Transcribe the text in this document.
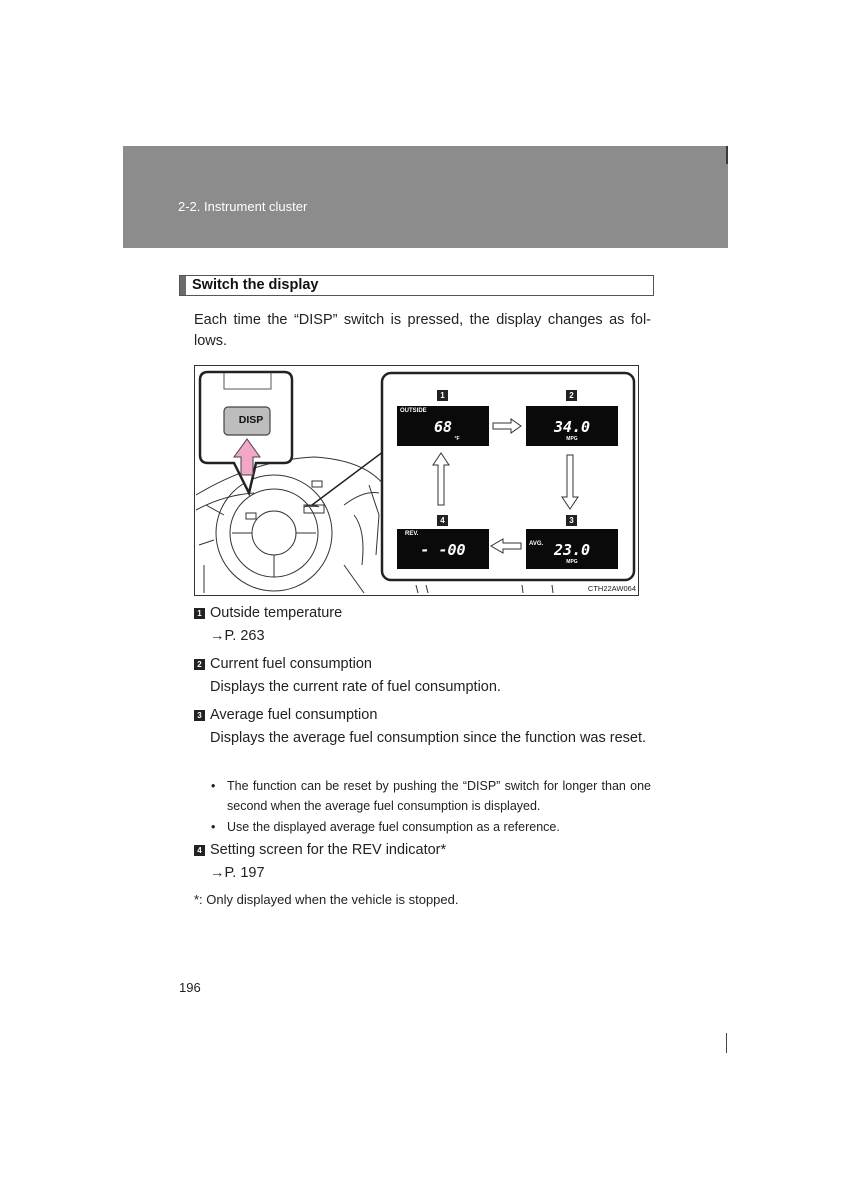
2-2. Instrument cluster
Switch the display
Each time the “DISP” switch is pressed, the display changes as fol-lows.
DISP
1	2
3
4
OUTSIDE
68
°F
34.0
MPG
AVG. 23.0
MPG
REV.
- -00
CTH22AW064
1 Outside temperature
→P. 263
2 Current fuel consumption
Displays the current rate of fuel consumption.
3 Average fuel consumption
Displays the average fuel consumption since the function was reset.
• The function can be reset by pushing the “DISP” switch for longer than one second when the average fuel consumption is displayed.
• Use the displayed average fuel consumption as a reference.
4 Setting screen for the REV indicator*
→P. 197
*: Only displayed when the vehicle is stopped.
196
